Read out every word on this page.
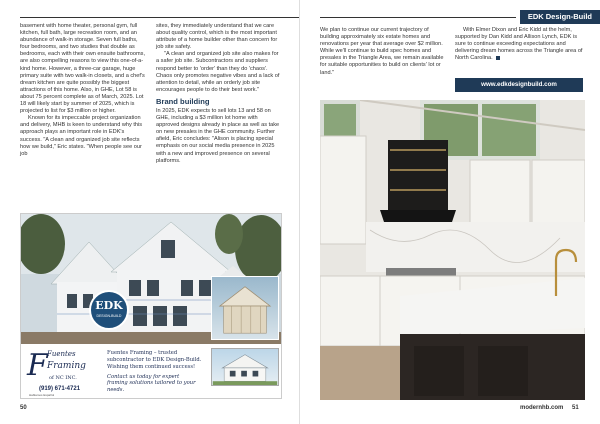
basement with home theater, personal gym, full kitchen, full bath, large recreation room, and an abundance of walk-in storage. Seven full baths, four bedrooms, and two studies that double as bedrooms, each with their own ensuite bathrooms, are also compelling reasons to view this one-of-a-kind home. However, a three-car garage, huge primary suite with two walk-in closets, and a chef's dream kitchen are quite possibly the biggest attractions of this home. Also, in GHE, Lot 58 is about 75 percent complete as of March, 2025. Lot 18 will likely start by summer of 2025, which is projected to list for $3 million or higher.

Known for its impeccable project organization and delivery, MHB is keen to understand why this approach plays an important role in EDK's success. "A clean and organized job site reflects how we build," Eric states. "When people see our job

sites, they immediately understand that we care about quality control, which is the most important attribute of a home builder other than concern for job site safety.

"A clean and organized job site also makes for a safer job site. Subcontractors and suppliers respond better to 'order' than they do 'chaos'. Chaos only promotes negative vibes and a lack of attention to detail, while an orderly job site encourages people to do their best work."

Brand building

In 2025, EDK expects to sell lots 13 and 58 on GHE, including a $3 million lot home with approved designs already in place as well as take on new presales in the GHE community. Further afield, Eric concludes: "Alison is placing special emphasis on our social media presence in 2025 with a new and improved presence on several platforms.

EDK
DESIGN-BUILD
F Fuentes
Framing
of NC INC.
(919) 671-4721
Hablamos Español
Fuentes Framing – trusted subcontractor to EDK Design-Build. Wishing them continued success!
Contact us today for expert framing solutions tailored to your needs.
50
EDK Design-Build

We plan to continue our current trajectory of building approximately six estate homes and renovations per year that average over $2 million. While we'll continue to build spec homes and presales in the Triangle Area, we remain available for suitable opportunities to build on clients' lot or land."

With Elmer Dixon and Eric Kidd at the helm, supported by Dan Kidd and Allison Lynch, EDK is sure to continue exceeding expectations and delivering dream homes across the Triangle area of North Carolina.

www.edkdesignbuild.com
modernhb.com 51
